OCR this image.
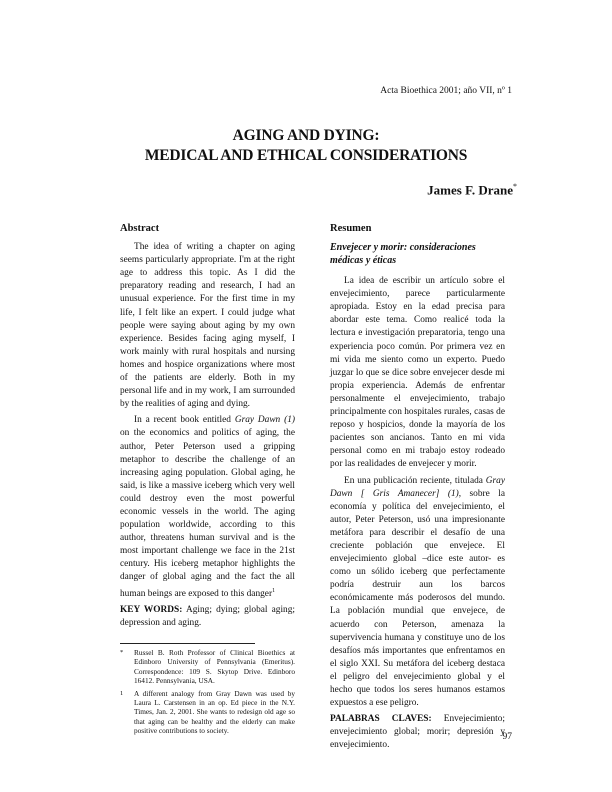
Acta Bioethica 2001; año VII, nº 1
AGING AND DYING:
MEDICAL AND ETHICAL CONSIDERATIONS
James F. Drane*
Abstract

The idea of writing a chapter on aging seems particularly appropriate. I'm at the right age to address this topic. As I did the preparatory reading and research, I had an unusual experience. For the first time in my life, I felt like an expert. I could judge what people were saying about aging by my own experience. Besides facing aging myself, I work mainly with rural hospitals and nursing homes and hospice organizations where most of the patients are elderly. Both in my personal life and in my work, I am surrounded by the realities of aging and dying.

In a recent book entitled Gray Dawn (1) on the economics and politics of aging, the author, Peter Peterson used a gripping metaphor to describe the challenge of an increasing aging population. Global aging, he said, is like a massive iceberg which very well could destroy even the most powerful economic vessels in the world. The aging population worldwide, according to this author, threatens human survival and is the most important challenge we face in the 21st century. His iceberg metaphor highlights the danger of global aging and the fact the all human beings are exposed to this danger$^1$

KEY WORDS: Aging; dying; global aging; depression and aging.

*	Russel B. Roth Professor of Clinical Bioethics at Edinboro University of Pennsylvania (Emeritus). Correspondence: 109 S. Skytop Drive. Edinboro 16412. Pennsylvania, USA.
1	A different analogy from Gray Dawn was used by Laura L. Carstensen in an op. Ed piece in the N.Y. Times, Jan. 2, 2001. She wants to redesign old age so that aging can be healthy and the elderly can make positive contributions to society.
Resumen
Envejecer y morir: consideraciones médicas y éticas

La idea de escribir un artículo sobre el envejecimiento, parece particularmente apropiada. Estoy en la edad precisa para abordar este tema. Como realicé toda la lectura e investigación preparatoria, tengo una experiencia poco común. Por primera vez en mi vida me siento como un experto. Puedo juzgar lo que se dice sobre envejecer desde mi propia experiencia. Además de enfrentar personalmente el envejecimiento, trabajo principalmente con hospitales rurales, casas de reposo y hospicios, donde la mayoría de los pacientes son ancianos. Tanto en mi vida personal como en mi trabajo estoy rodeado por las realidades de envejecer y morir.

En una publicación reciente, titulada Gray Dawn [ Gris Amanecer] (1), sobre la economía y política del envejecimiento, el autor, Peter Peterson, usó una impresionante metáfora para describir el desafío de una creciente población que envejece. El envejecimiento global –dice este autor- es como un sólido iceberg que perfectamente podría destruir aun los barcos económicamente más poderosos del mundo. La población mundial que envejece, de acuerdo con Peterson, amenaza la supervivencia humana y constituye uno de los desafíos más importantes que enfrentamos en el siglo XXI. Su metáfora del iceberg destaca el peligro del envejecimiento global y el hecho que todos los seres humanos estamos expuestos a ese peligro.

PALABRAS CLAVES: Envejecimiento; envejecimiento global; morir; depresión y envejecimiento.

97
